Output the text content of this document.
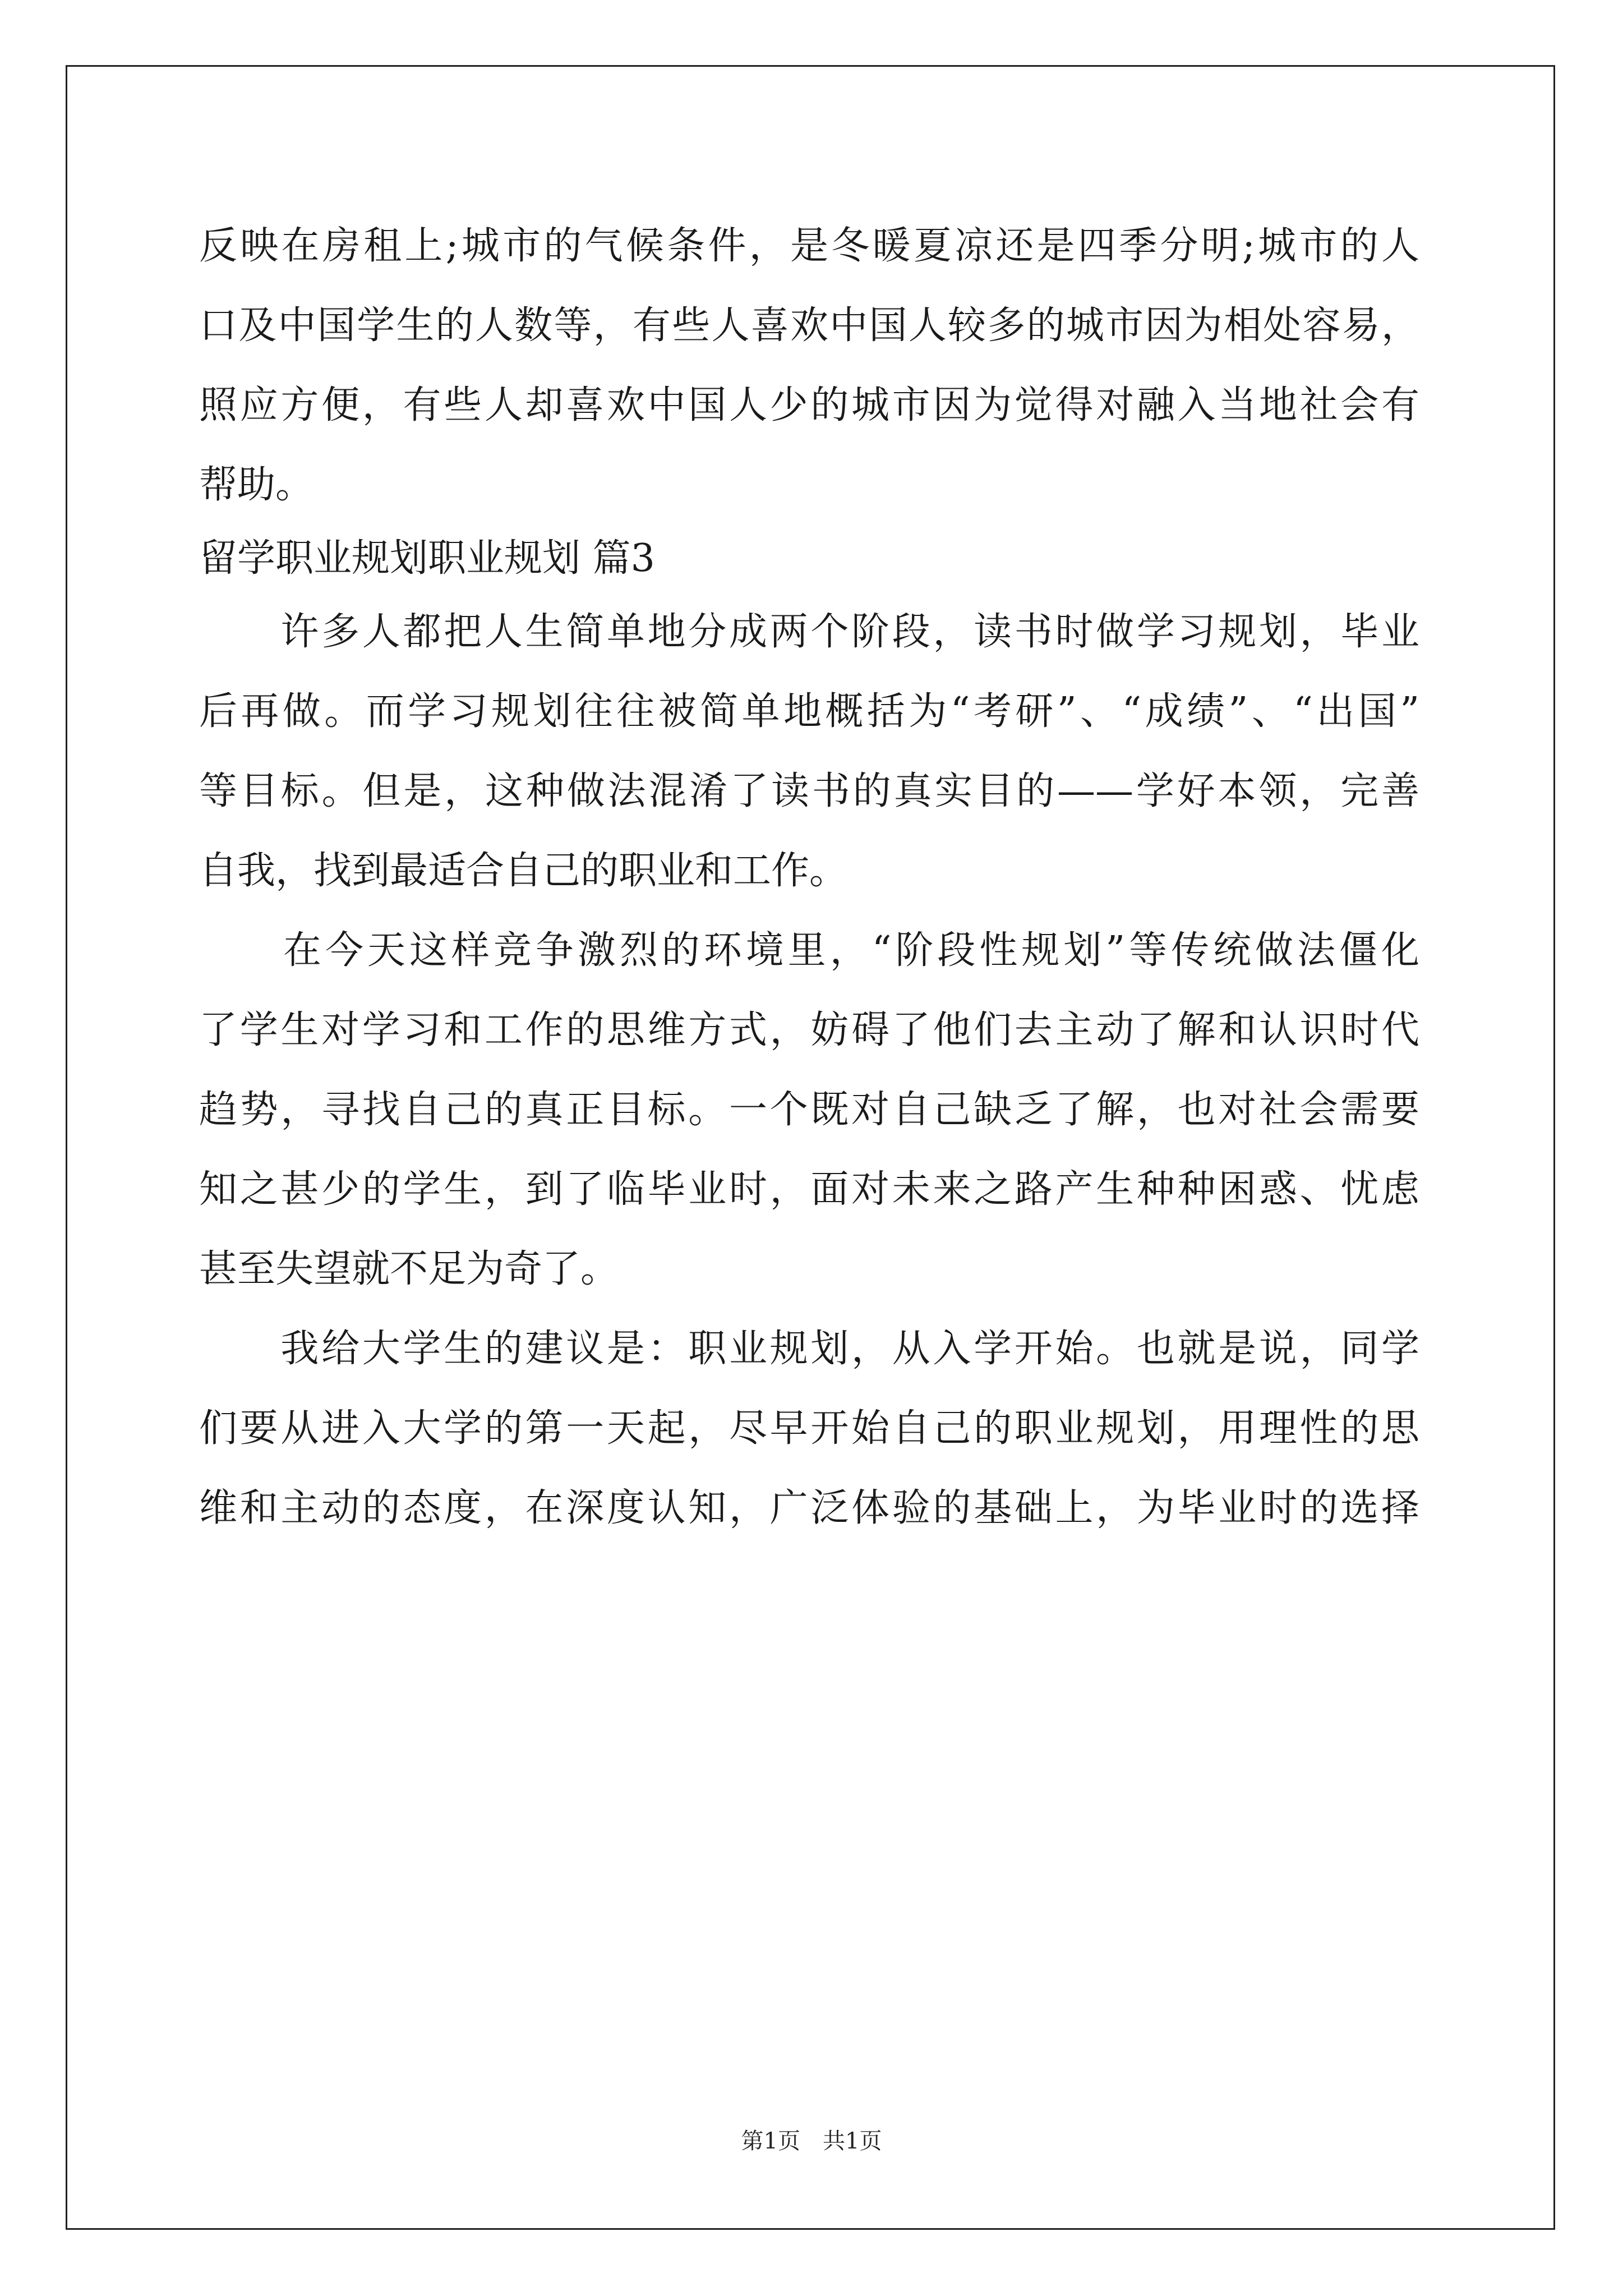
反映在房租上;城市的气候条件，是冬暖夏凉还是四季分明;城市的人
口及中国学生的人数等，有些人喜欢中国人较多的城市因为相处容易，
照应方便，有些人却喜欢中国人少的城市因为觉得对融入当地社会有
帮助。
留学职业规划职业规划 篇3
　　许多人都把人生简单地分成两个阶段，读书时做学习规划，毕业
后再做。而学习规划往往被简单地概括为“考研”、“成绩”、“出国”
等目标。但是，这种做法混淆了读书的真实目的——学好本领，完善
自我，找到最适合自己的职业和工作。
　　在今天这样竞争激烈的环境里，“阶段性规划”等传统做法僵化
了学生对学习和工作的思维方式，妨碍了他们去主动了解和认识时代
趋势，寻找自己的真正目标。一个既对自己缺乏了解，也对社会需要
知之甚少的学生，到了临毕业时，面对未来之路产生种种困惑、忧虑
甚至失望就不足为奇了。
　　我给大学生的建议是：职业规划，从入学开始。也就是说，同学
们要从进入大学的第一天起，尽早开始自己的职业规划，用理性的思
维和主动的态度，在深度认知，广泛体验的基础上，为毕业时的选择
第1页　共1页
